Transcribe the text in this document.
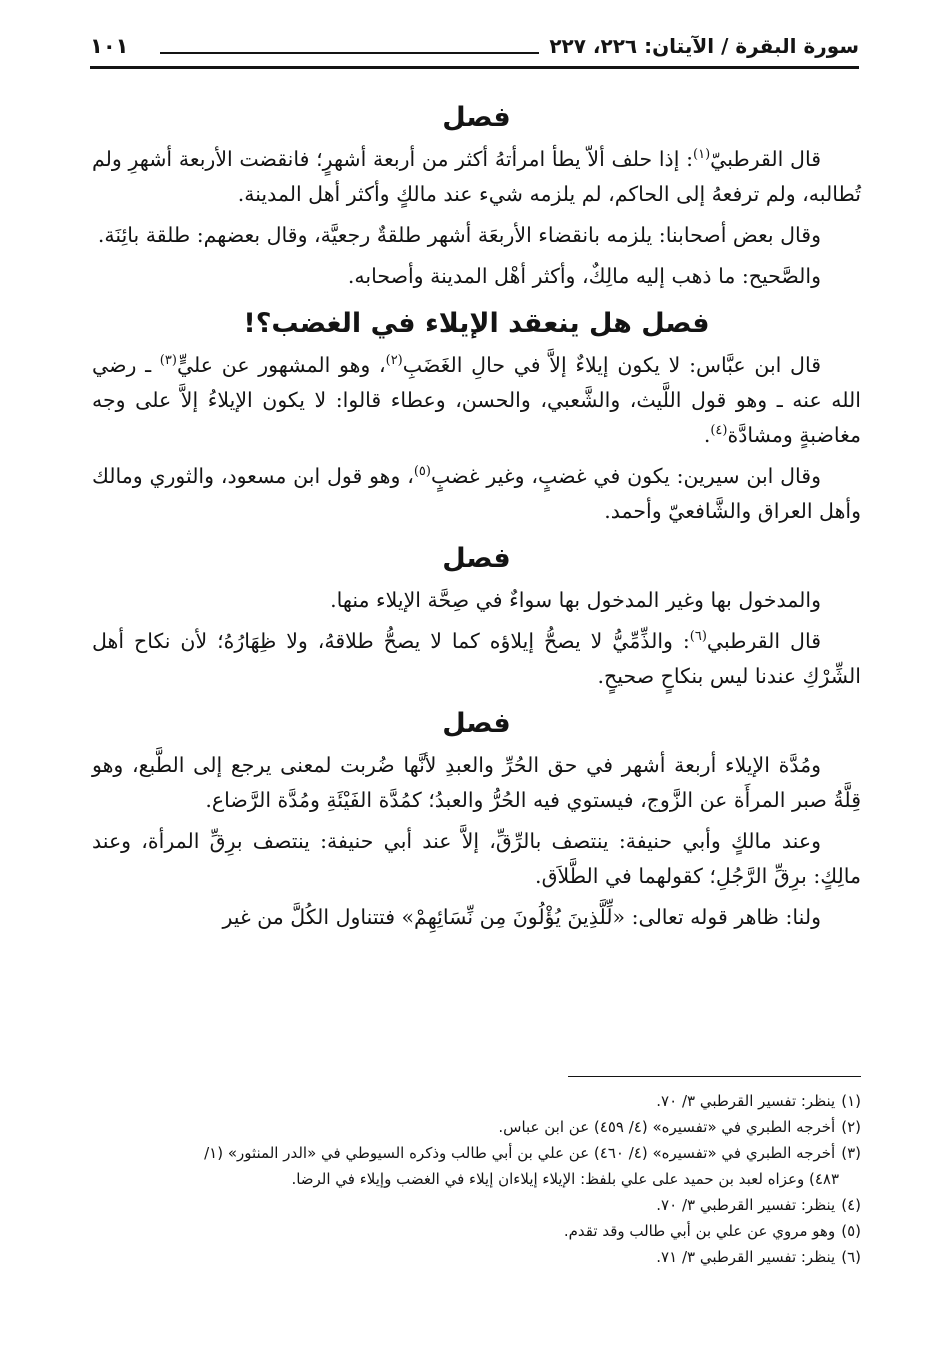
سورة البقرة / الآيتان: ٢٢٦، ٢٢٧
١٠١
فصل

قال القرطبيّ$^{(١)}$: إذا حلف ألاّ يطأ امرأتهُ أكثر من أربعة أشهرٍ؛ فانقضت الأربعة أشهرِ ولم تُطالبه، ولم ترفعهُ إلى الحاكم، لم يلزمه شيء عند مالكٍ وأكثر أهل المدينة.

وقال بعض أصحابنا: يلزمه بانقضاء الأربعَة أشهر طلقةٌ رجعيَّة، وقال بعضهم: طلقة بائِنَة.

والصَّحيح: ما ذهب إليه مالِكٌ، وأكثر أهْل المدينة وأصحابه.

فصل هل ينعقد الإيلاء في الغضب؟!

قال ابن عبَّاس: لا يكون إيلاءٌ إلاَّ في حالِ الغَضَبِ$^{(٢)}$، وهو المشهور عن عليٍّ$^{(٣)}$ ـ رضي الله عنه ـ وهو قول اللَّيث، والشَّعبي، والحسن، وعطاء قالوا: لا يكون الإيلاءُ إلاَّ على وجه مغاضبةٍ ومشادَّة$^{(٤)}$.

وقال ابن سيرين: يكون في غضبٍ، وغير غضبٍ$^{(٥)}$، وهو قول ابن مسعود، والثوري ومالك وأهل العراق والشَّافعيّ وأحمد.

فصل

والمدخول بها وغير المدخول بها سواءٌ في صِحَّة الإيلاء منها.

قال القرطبي$^{(٦)}$: والذِّمِّيُّ لا يصحُّ إيلاؤه كما لا يصحُّ طلاقهُ، ولا ظِهَارُهُ؛ لأن نكاح أهل الشِّرْكِ عندنا ليس بنكاحٍ صحيحٍ.

فصل

ومُدَّة الإيلاء أربعة أشهر في حق الحُرِّ والعبدِ لأنَّها ضُربت لمعنى يرجع إلى الطَّبع، وهو قِلَّةُ صبر المرأَة عن الزَّوج، فيستوي فيه الحُرُّ والعبدُ؛ كمُدَّة الفَيْئَةِ ومُدَّة الرَّضاع.

وعند مالكٍ وأبي حنيفة: ينتصف بالرِّقِّ، إلاَّ عند أبي حنيفة: ينتصف برِقِّ المرأة، وعند مالِكٍ: برِقِّ الرَّجُلِ؛ كقولهما في الطَّلاَق.

ولنا: ظاهر قوله تعالى: «لِّلَّذِينَ يُؤْلُونَ مِن نِّسَائِهِمْ» فتتناول الكُلَّ من غير

(١)ينظر: تفسير القرطبي ٣/ ٧٠.
(٢)أخرجه الطبري في «تفسيره» (٤/ ٤٥٩) عن ابن عباس.
(٣)أخرجه الطبري في «تفسيره» (٤/ ٤٦٠) عن علي بن أبي طالب وذكره السيوطي في «الدر المنثور» (١/
٤٨٣) وعزاه لعبد بن حميد على علي بلفظ: الإيلاء إيلاءان إيلاء في الغضب وإيلاء في الرضا.
(٤)ينظر: تفسير القرطبي ٣/ ٧٠.
(٥)وهو مروي عن علي بن أبي طالب وقد تقدم.
(٦)ينظر: تفسير القرطبي ٣/ ٧١.
